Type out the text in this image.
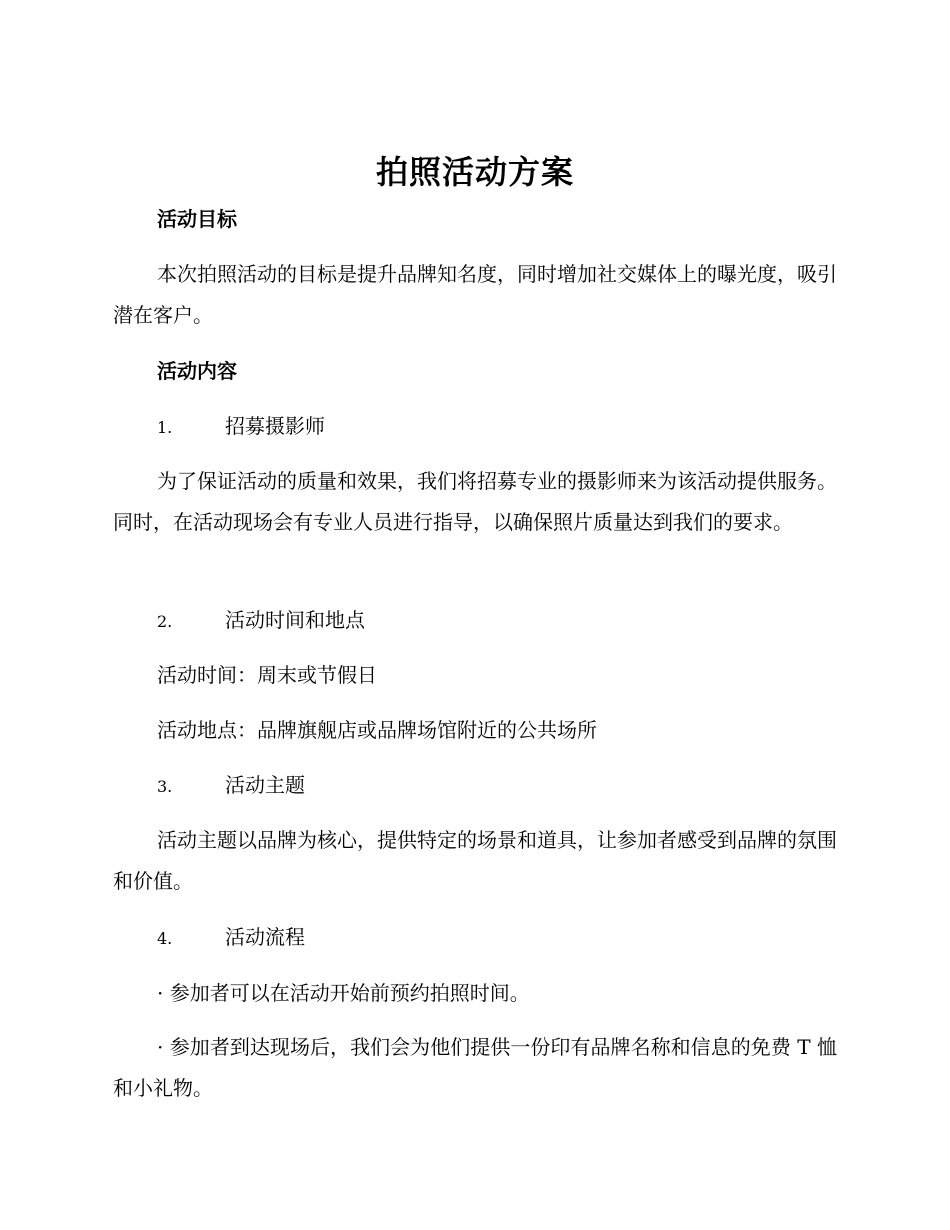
拍照活动方案
活动目标
本次拍照活动的目标是提升品牌知名度，同时增加社交媒体上的曝光度，吸引潜在客户。
活动内容
1.	招募摄影师
为了保证活动的质量和效果，我们将招募专业的摄影师来为该活动提供服务。同时，在活动现场会有专业人员进行指导，以确保照片质量达到我们的要求。
2.	活动时间和地点
活动时间：周末或节假日
活动地点：品牌旗舰店或品牌场馆附近的公共场所
3.	活动主题
活动主题以品牌为核心，提供特定的场景和道具，让参加者感受到品牌的氛围和价值。
4.	活动流程
· 参加者可以在活动开始前预约拍照时间。
· 参加者到达现场后，我们会为他们提供一份印有品牌名称和信息的免费 T 恤和小礼物。
